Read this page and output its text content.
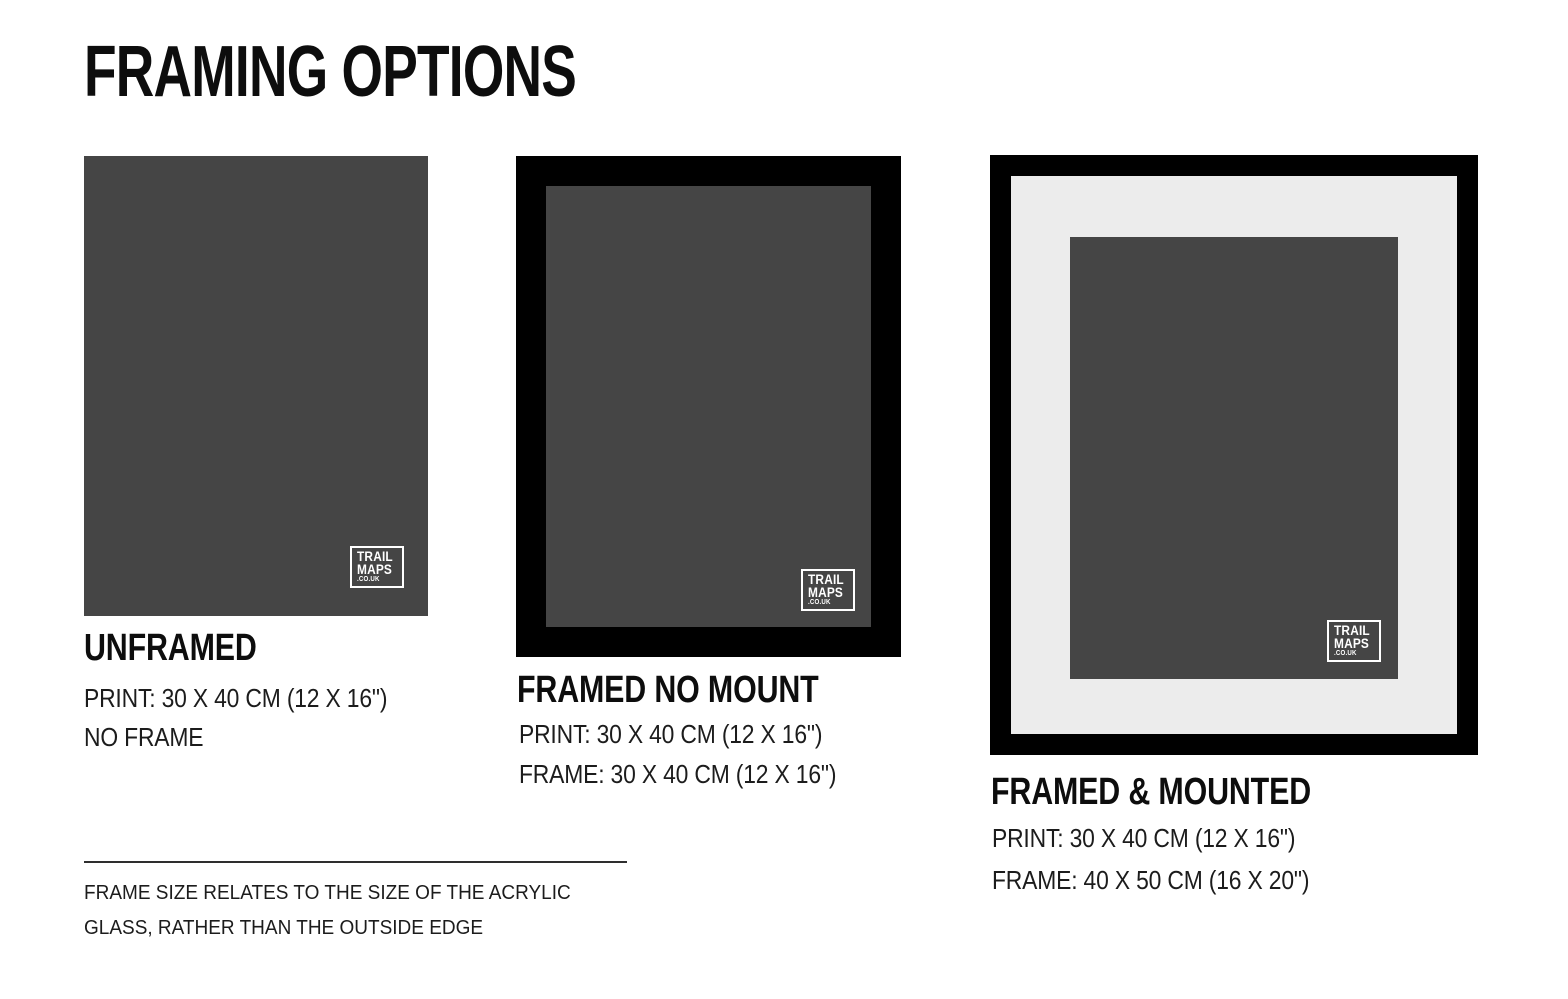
FRAMING OPTIONS
TRAIL
MAPS
.CO.UK
UNFRAMED
PRINT: 30 X 40 CM (12 X 16")
NO FRAME
TRAIL
MAPS
.CO.UK
FRAMED NO MOUNT
PRINT: 30 X 40 CM (12 X 16")
FRAME: 30 X 40 CM (12 X 16")
TRAIL
MAPS
.CO.UK
FRAMED & MOUNTED
PRINT: 30 X 40 CM (12 X 16")
FRAME: 40 X 50 CM (16 X 20")
FRAME SIZE RELATES TO THE SIZE OF THE ACRYLIC
GLASS, RATHER THAN THE OUTSIDE EDGE
